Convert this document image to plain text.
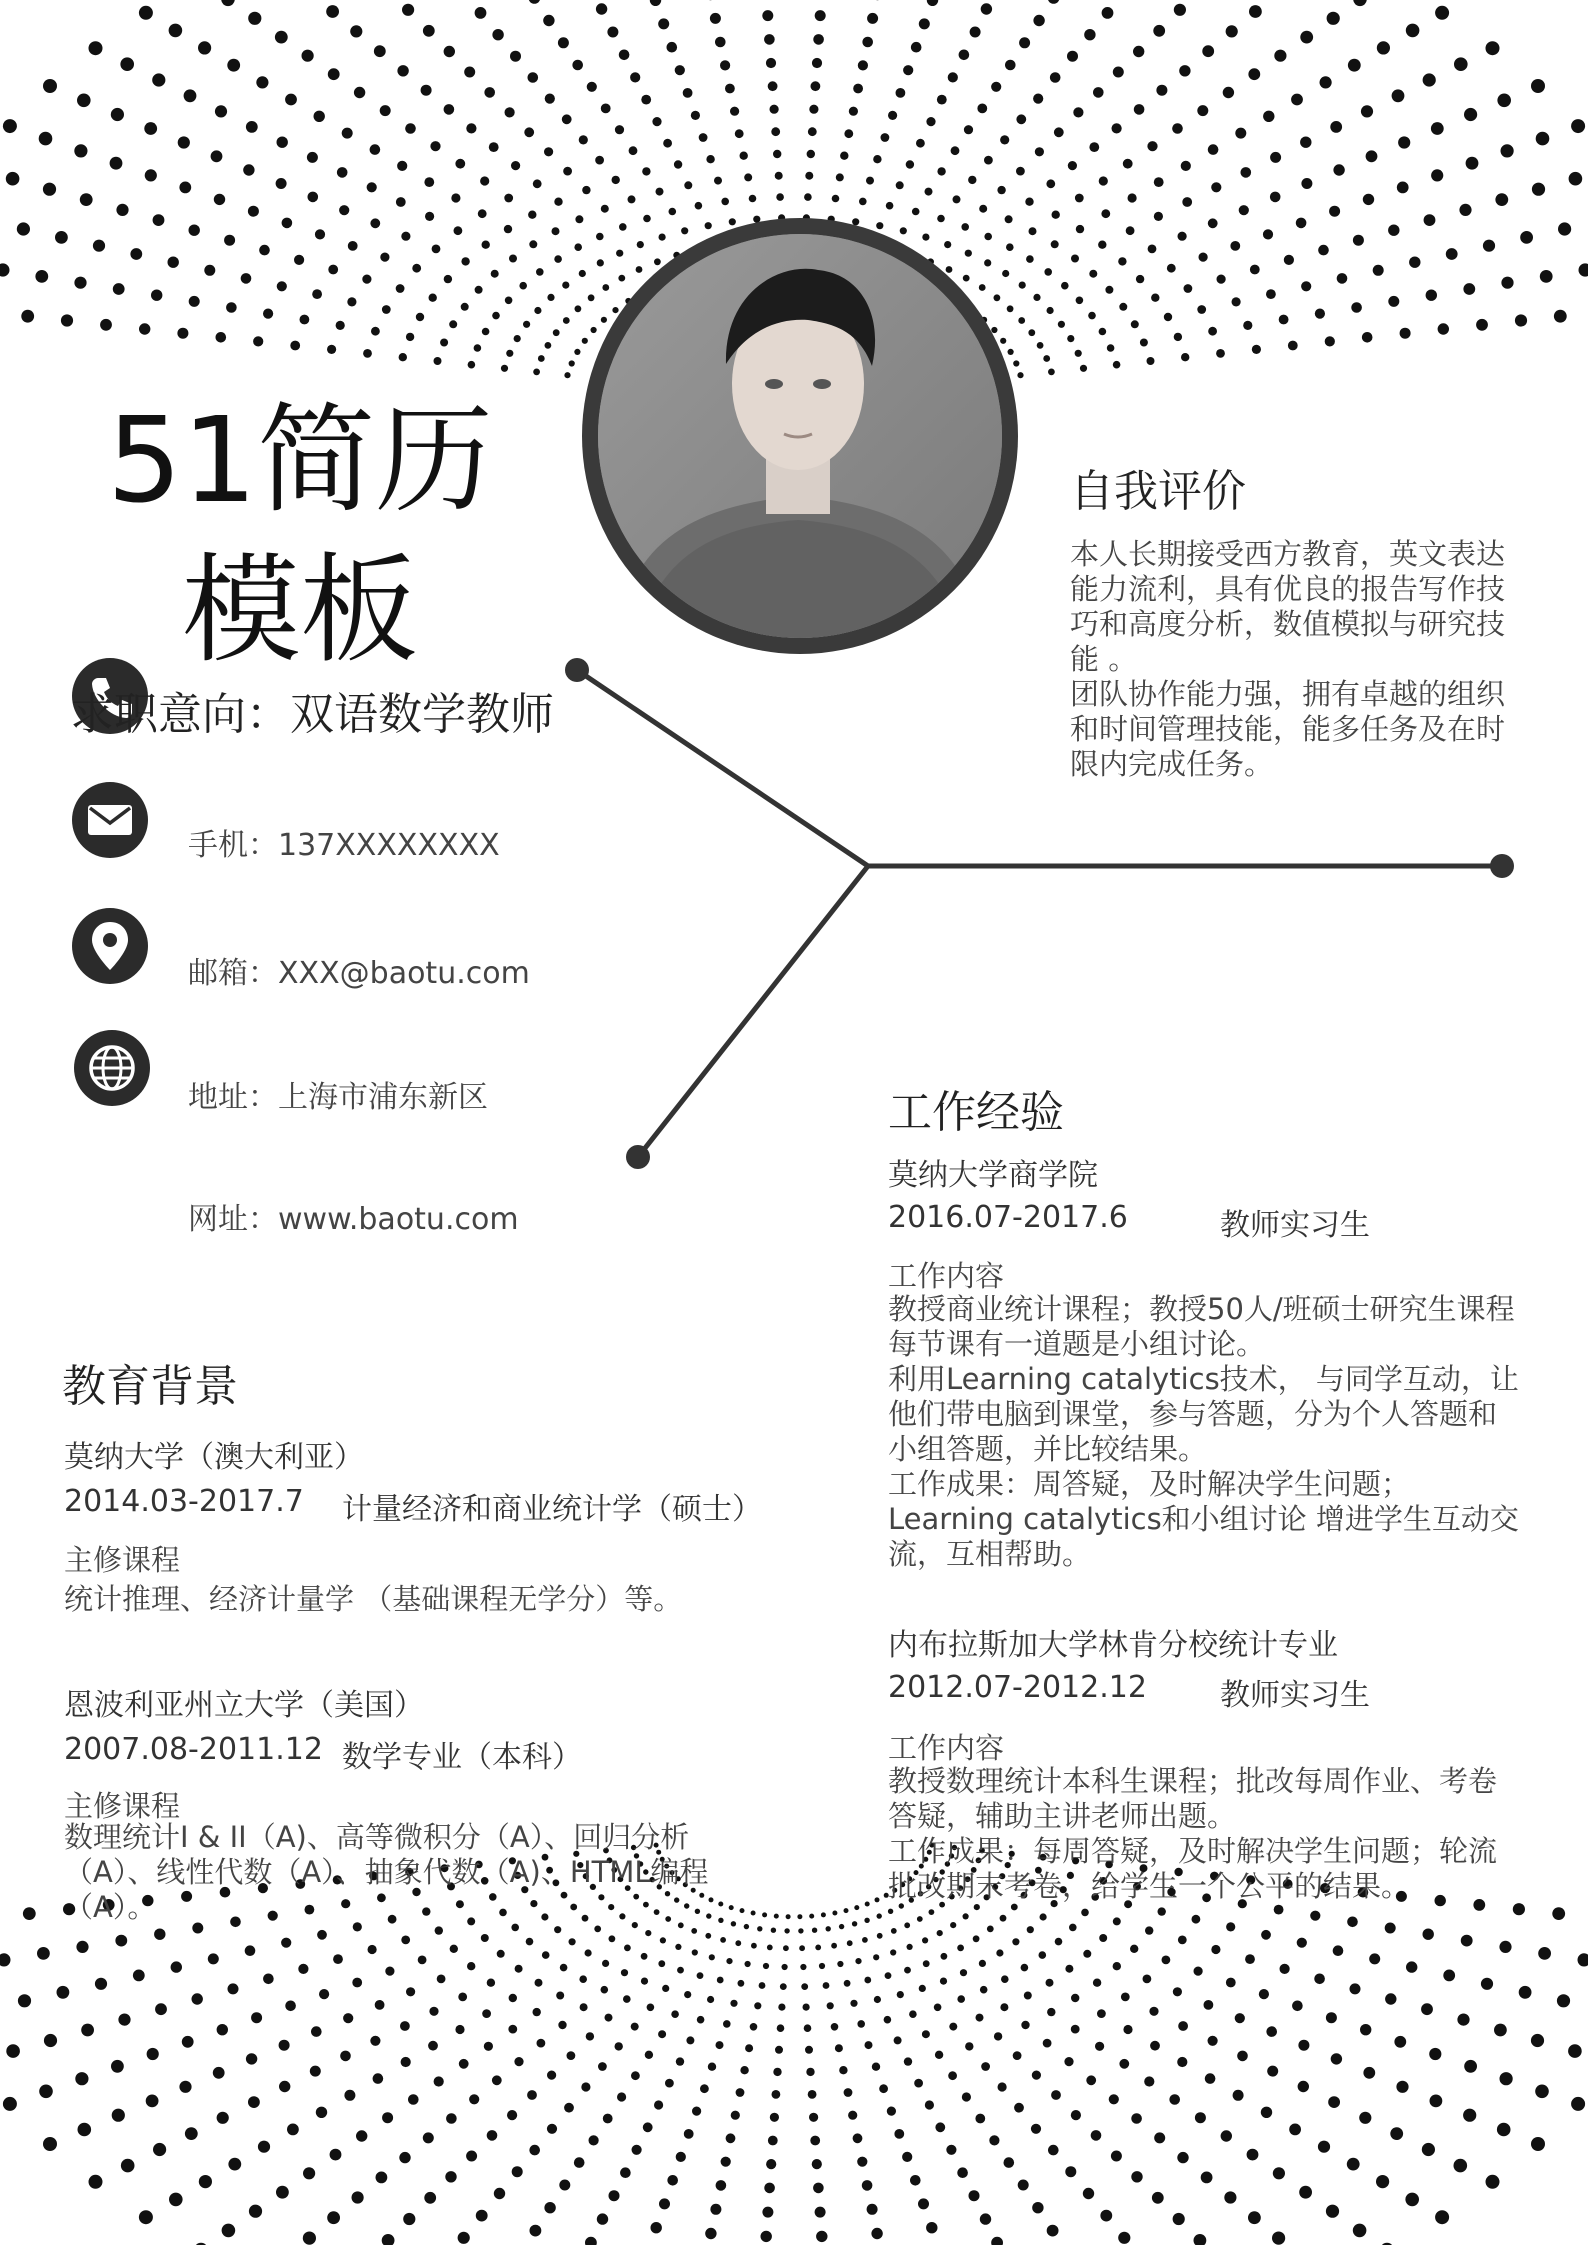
51简历模板
求职意向：双语数学教师
手机：137XXXXXXXX
邮箱：XXX@baotu.com
地址：上海市浦东新区
网址：www.baotu.com
自我评价
本人长期接受西方教育，英文表达能力流利，具有优良的报告写作技巧和高度分析，数值模拟与研究技能 。
团队协作能力强，拥有卓越的组织和时间管理技能，能多任务及在时限内完成任务。
工作经验
莫纳大学商学院
2016.07-2017.6	教师实习生
工作内容
教授商业统计课程；教授50人/班硕士研究生课程每节课有一道题是小组讨论。
利用Learning catalytics技术， 与同学互动，让他们带电脑到课堂，参与答题，分为个人答题和小组答题，并比较结果。
工作成果：周答疑，及时解决学生问题；Learning catalytics和小组讨论 增进学生互动交流，互相帮助。
内布拉斯加大学林肯分校统计专业
2012.07-2012.12 教师实习生
工作内容
教授数理统计本科生课程；批改每周作业、考卷答疑，辅助主讲老师出题。
工作成果：每周答疑，及时解决学生问题；轮流批改期末考卷，给学生一个公平的结果。
教育背景
莫纳大学（澳大利亚）
2014.03-2017.7 计量经济和商业统计学（硕士）
主修课程
统计推理、经济计量学 （基础课程无学分）等。
恩波利亚州立大学（美国）
2007.08-2011.12 数学专业（本科）
主修课程
数理统计I & II（A)、高等微积分（A）、回归分析（A）、线性代数（A）、抽象代数（A)、HTML编程（A）。
